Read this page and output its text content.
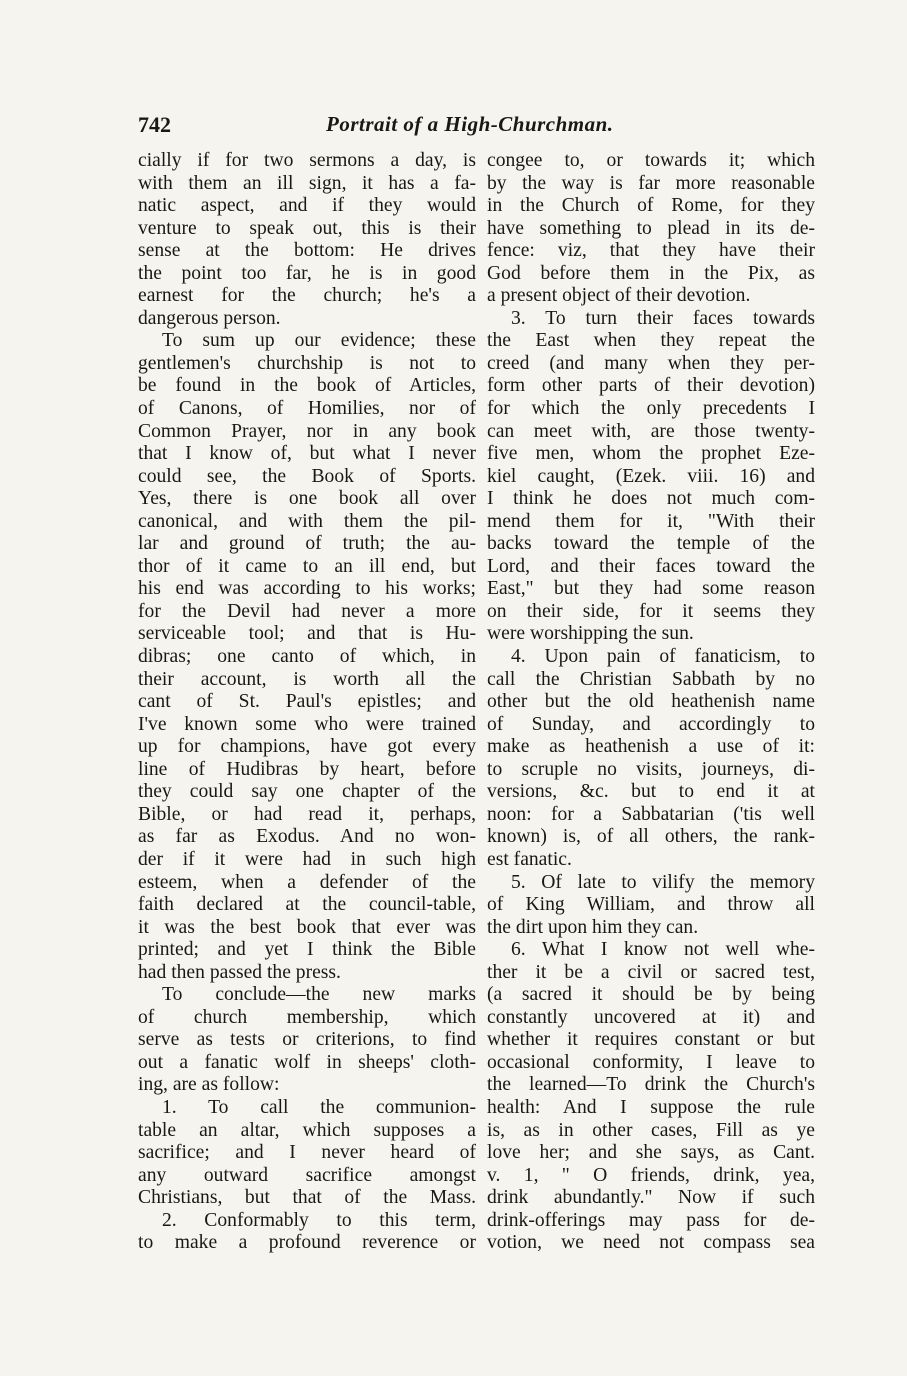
742	Portrait of a High-Churchman.
cially if for two sermons a day, is
with them an ill sign, it has a fa-
natic aspect, and if they would
venture to speak out, this is their
sense at the bottom: He drives
the point too far, he is in good
earnest for the church; he's a
dangerous person.
To sum up our evidence; these
gentlemen's churchship is not to
be found in the book of Articles,
of Canons, of Homilies, nor of
Common Prayer, nor in any book
that I know of, but what I never
could see, the Book of Sports.
Yes, there is one book all over
canonical, and with them the pil-
lar and ground of truth; the au-
thor of it came to an ill end, but
his end was according to his works;
for the Devil had never a more
serviceable tool; and that is Hu-
dibras; one canto of which, in
their account, is worth all the
cant of St. Paul's epistles; and
I've known some who were trained
up for champions, have got every
line of Hudibras by heart, before
they could say one chapter of the
Bible, or had read it, perhaps,
as far as Exodus. And no won-
der if it were had in such high
esteem, when a defender of the
faith declared at the council-table,
it was the best book that ever was
printed; and yet I think the Bible
had then passed the press.
To conclude—the new marks
of church membership, which
serve as tests or criterions, to find
out a fanatic wolf in sheeps' cloth-
ing, are as follow:
1. To call the communion-
table an altar, which supposes a
sacrifice; and I never heard of
any outward sacrifice amongst
Christians, but that of the Mass.
2. Conformably to this term,
to make a profound reverence or
congee to, or towards it; which
by the way is far more reasonable
in the Church of Rome, for they
have something to plead in its de-
fence: viz, that they have their
God before them in the Pix, as
a present object of their devotion.
3. To turn their faces towards
the East when they repeat the
creed (and many when they per-
form other parts of their devotion)
for which the only precedents I
can meet with, are those twenty-
five men, whom the prophet Eze-
kiel caught, (Ezek. viii. 16) and
I think he does not much com-
mend them for it, "With their
backs toward the temple of the
Lord, and their faces toward the
East," but they had some reason
on their side, for it seems they
were worshipping the sun.
4. Upon pain of fanaticism, to
call the Christian Sabbath by no
other but the old heathenish name
of Sunday, and accordingly to
make as heathenish a use of it:
to scruple no visits, journeys, di-
versions, &c. but to end it at
noon: for a Sabbatarian ('tis well
known) is, of all others, the rank-
est fanatic.
5. Of late to vilify the memory
of King William, and throw all
the dirt upon him they can.
6. What I know not well whe-
ther it be a civil or sacred test,
(a sacred it should be by being
constantly uncovered at it) and
whether it requires constant or but
occasional conformity, I leave to
the learned—To drink the Church's
health: And I suppose the rule
is, as in other cases, Fill as ye
love her; and she says, as Cant.
v. 1, " O friends, drink, yea,
drink abundantly." Now if such
drink-offerings may pass for de-
votion, we need not compass sea
